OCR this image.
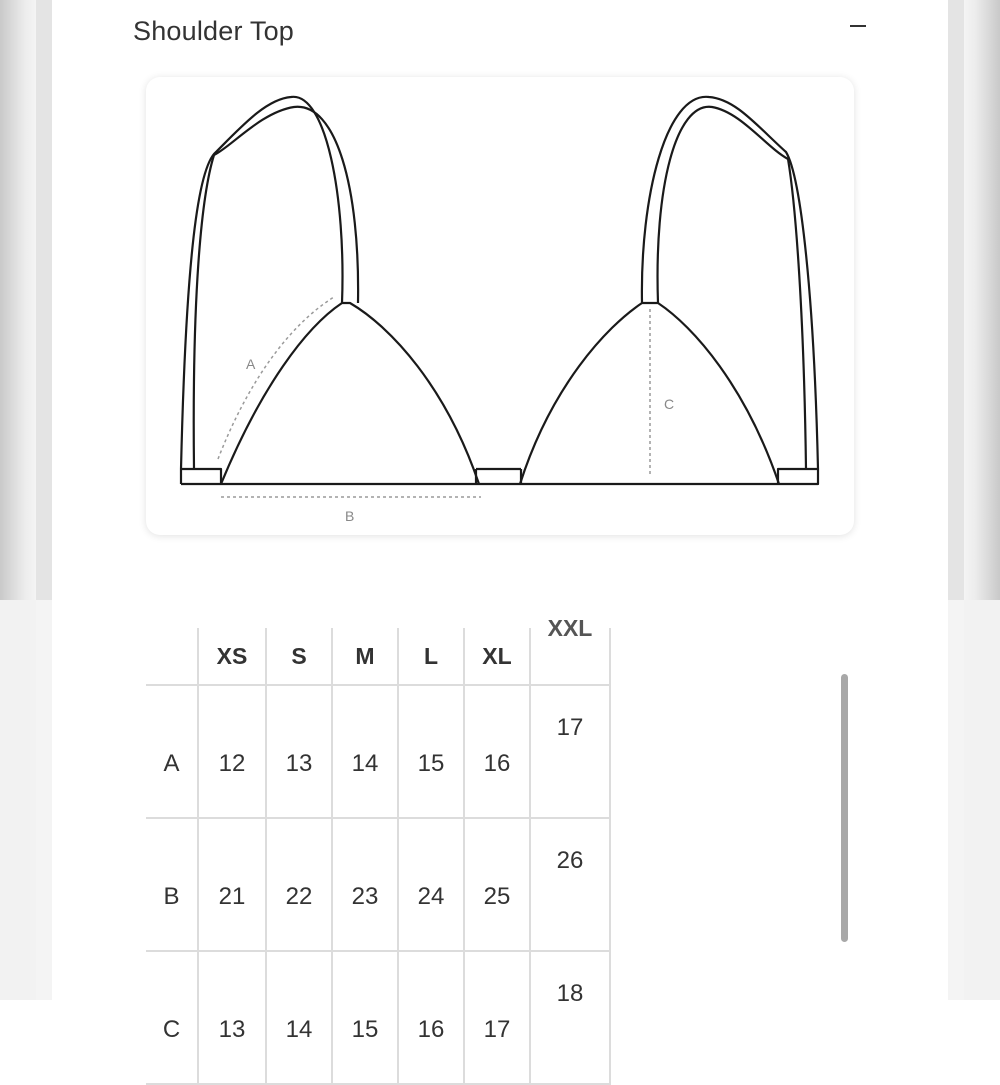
Shoulder Top
A
B
C
	XS	S	M	L	XL	XXL
A	12	13	14	15	16	17
B	21	22	23	24	25	26
C	13	14	15	16	17	18
